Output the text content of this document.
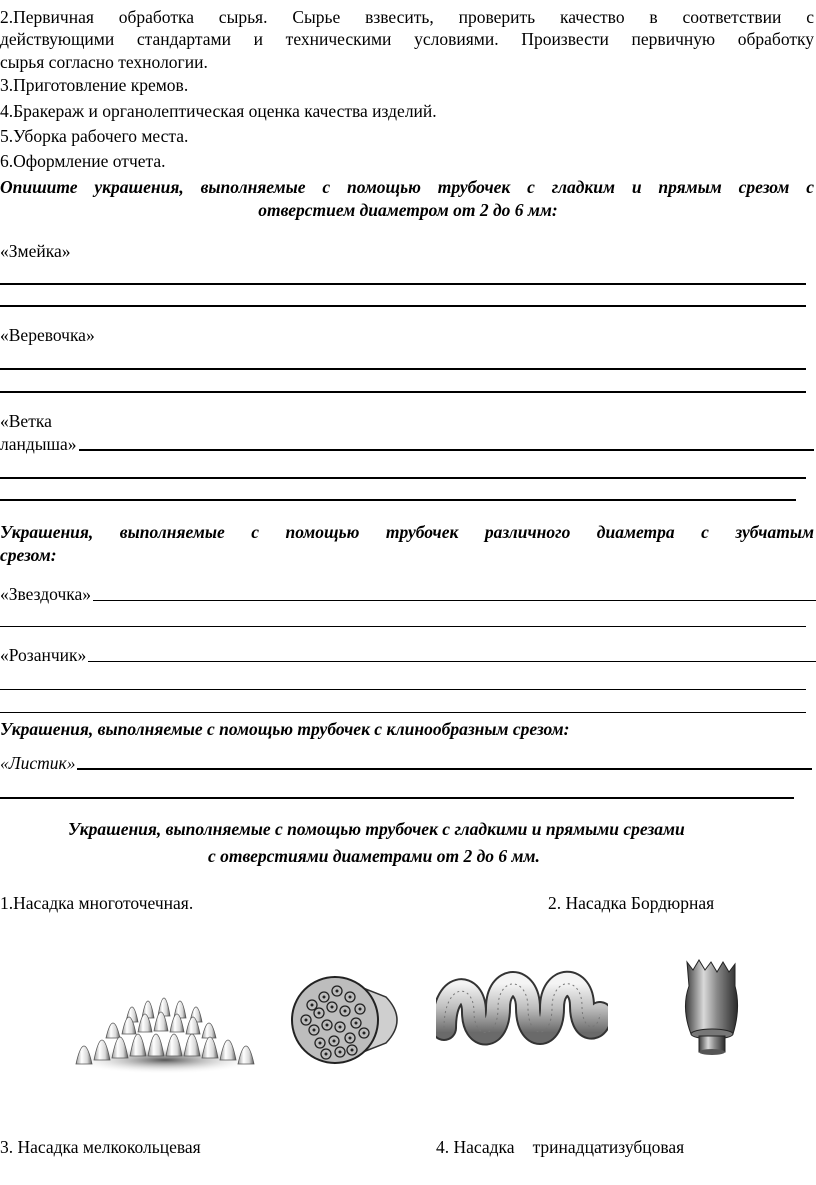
2.Первичная обработка сырья. Сырье взвесить, проверить качество в соответствии с
действующими стандартами и техническими условиями. Произвести первичную обработку
сырья согласно технологии.
3.Приготовление кремов.
4.Бракераж и органолептическая оценка качества изделий.
5.Уборка рабочего места.
6.Оформление отчета.
Опишите украшения, выполняемые с помощью трубочек с гладким и прямым срезом с
отверстием диаметром от 2 до 6 мм:
«Змейка»
«Веревочка»
«Ветка
ландыша»
Украшения, выполняемые с помощью трубочек различного диаметра с зубчатым
срезом:
«Звездочка»
«Розанчик»
Украшения, выполняемые с помощью трубочек с клинообразным срезом:
«Листик»
Украшения, выполняемые с помощью трубочек с гладкими и прямыми срезами
с отверстиями диаметрами от 2 до 6 мм.
1.Насадка многоточечная.	2. Насадка Бордюрная
3. Насадка мелкокольцевая	4. Насадка тринадцатизубцовая
